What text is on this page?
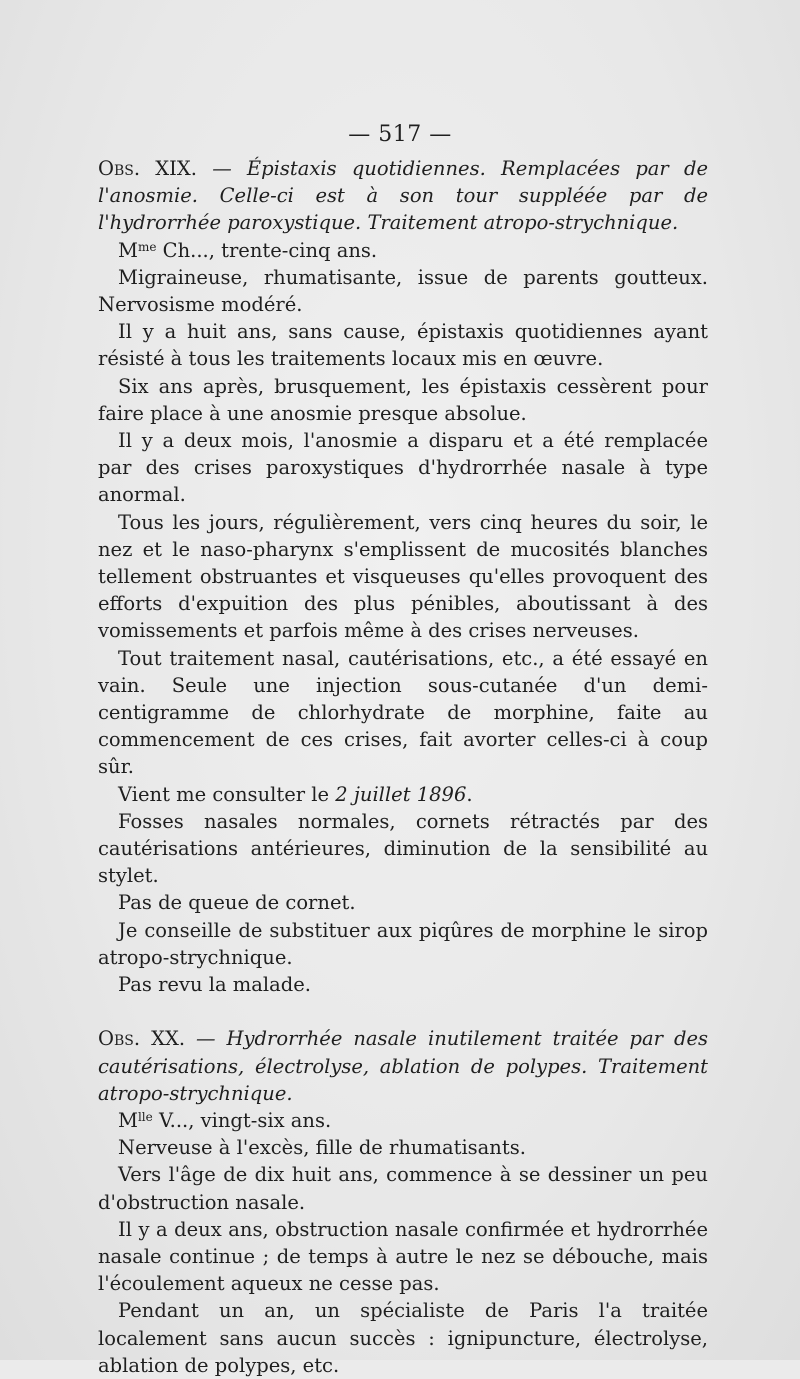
— 517 —

Obs. XIX. — Épistaxis quotidiennes. Remplacées par de l'anosmie. Celle-ci est à son tour suppléée par de l'hydrorrhée paroxystique. Traitement atropo-strychnique.

$M^{me}$ Ch..., trente-cinq ans.

Migraineuse, rhumatisante, issue de parents goutteux. Nervosisme modéré.

Il y a huit ans, sans cause, épistaxis quotidiennes ayant résisté à tous les traitements locaux mis en œuvre.

Six ans après, brusquement, les épistaxis cessèrent pour faire place à une anosmie presque absolue.

Il y a deux mois, l'anosmie a disparu et a été remplacée par des crises paroxystiques d'hydrorrhée nasale à type anormal.

Tous les jours, régulièrement, vers cinq heures du soir, le nez et le naso-pharynx s'emplissent de mucosités blanches tellement obstruantes et visqueuses qu'elles provoquent des efforts d'expuition des plus pénibles, aboutissant à des vomissements et parfois même à des crises nerveuses.

Tout traitement nasal, cautérisations, etc., a été essayé en vain. Seule une injection sous-cutanée d'un demi-centigramme de chlorhydrate de morphine, faite au commencement de ces crises, fait avorter celles-ci à coup sûr.

Vient me consulter le 2 juillet 1896.

Fosses nasales normales, cornets rétractés par des cautérisations antérieures, diminution de la sensibilité au stylet.

Pas de queue de cornet.

Je conseille de substituer aux piqûres de morphine le sirop atropo-strychnique.

Pas revu la malade.

Obs. XX. — Hydrorrhée nasale inutilement traitée par des cautérisations, électrolyse, ablation de polypes. Traitement atropo-strychnique.

$M^{lle}$ V..., vingt-six ans.

Nerveuse à l'excès, fille de rhumatisants.

Vers l'âge de dix huit ans, commence à se dessiner un peu d'obstruction nasale.

Il y a deux ans, obstruction nasale confirmée et hydrorrhée nasale continue ; de temps à autre le nez se débouche, mais l'écoulement aqueux ne cesse pas.

Pendant un an, un spécialiste de Paris l'a traitée localement sans aucun succès : ignipuncture, électrolyse, ablation de polypes, etc.
